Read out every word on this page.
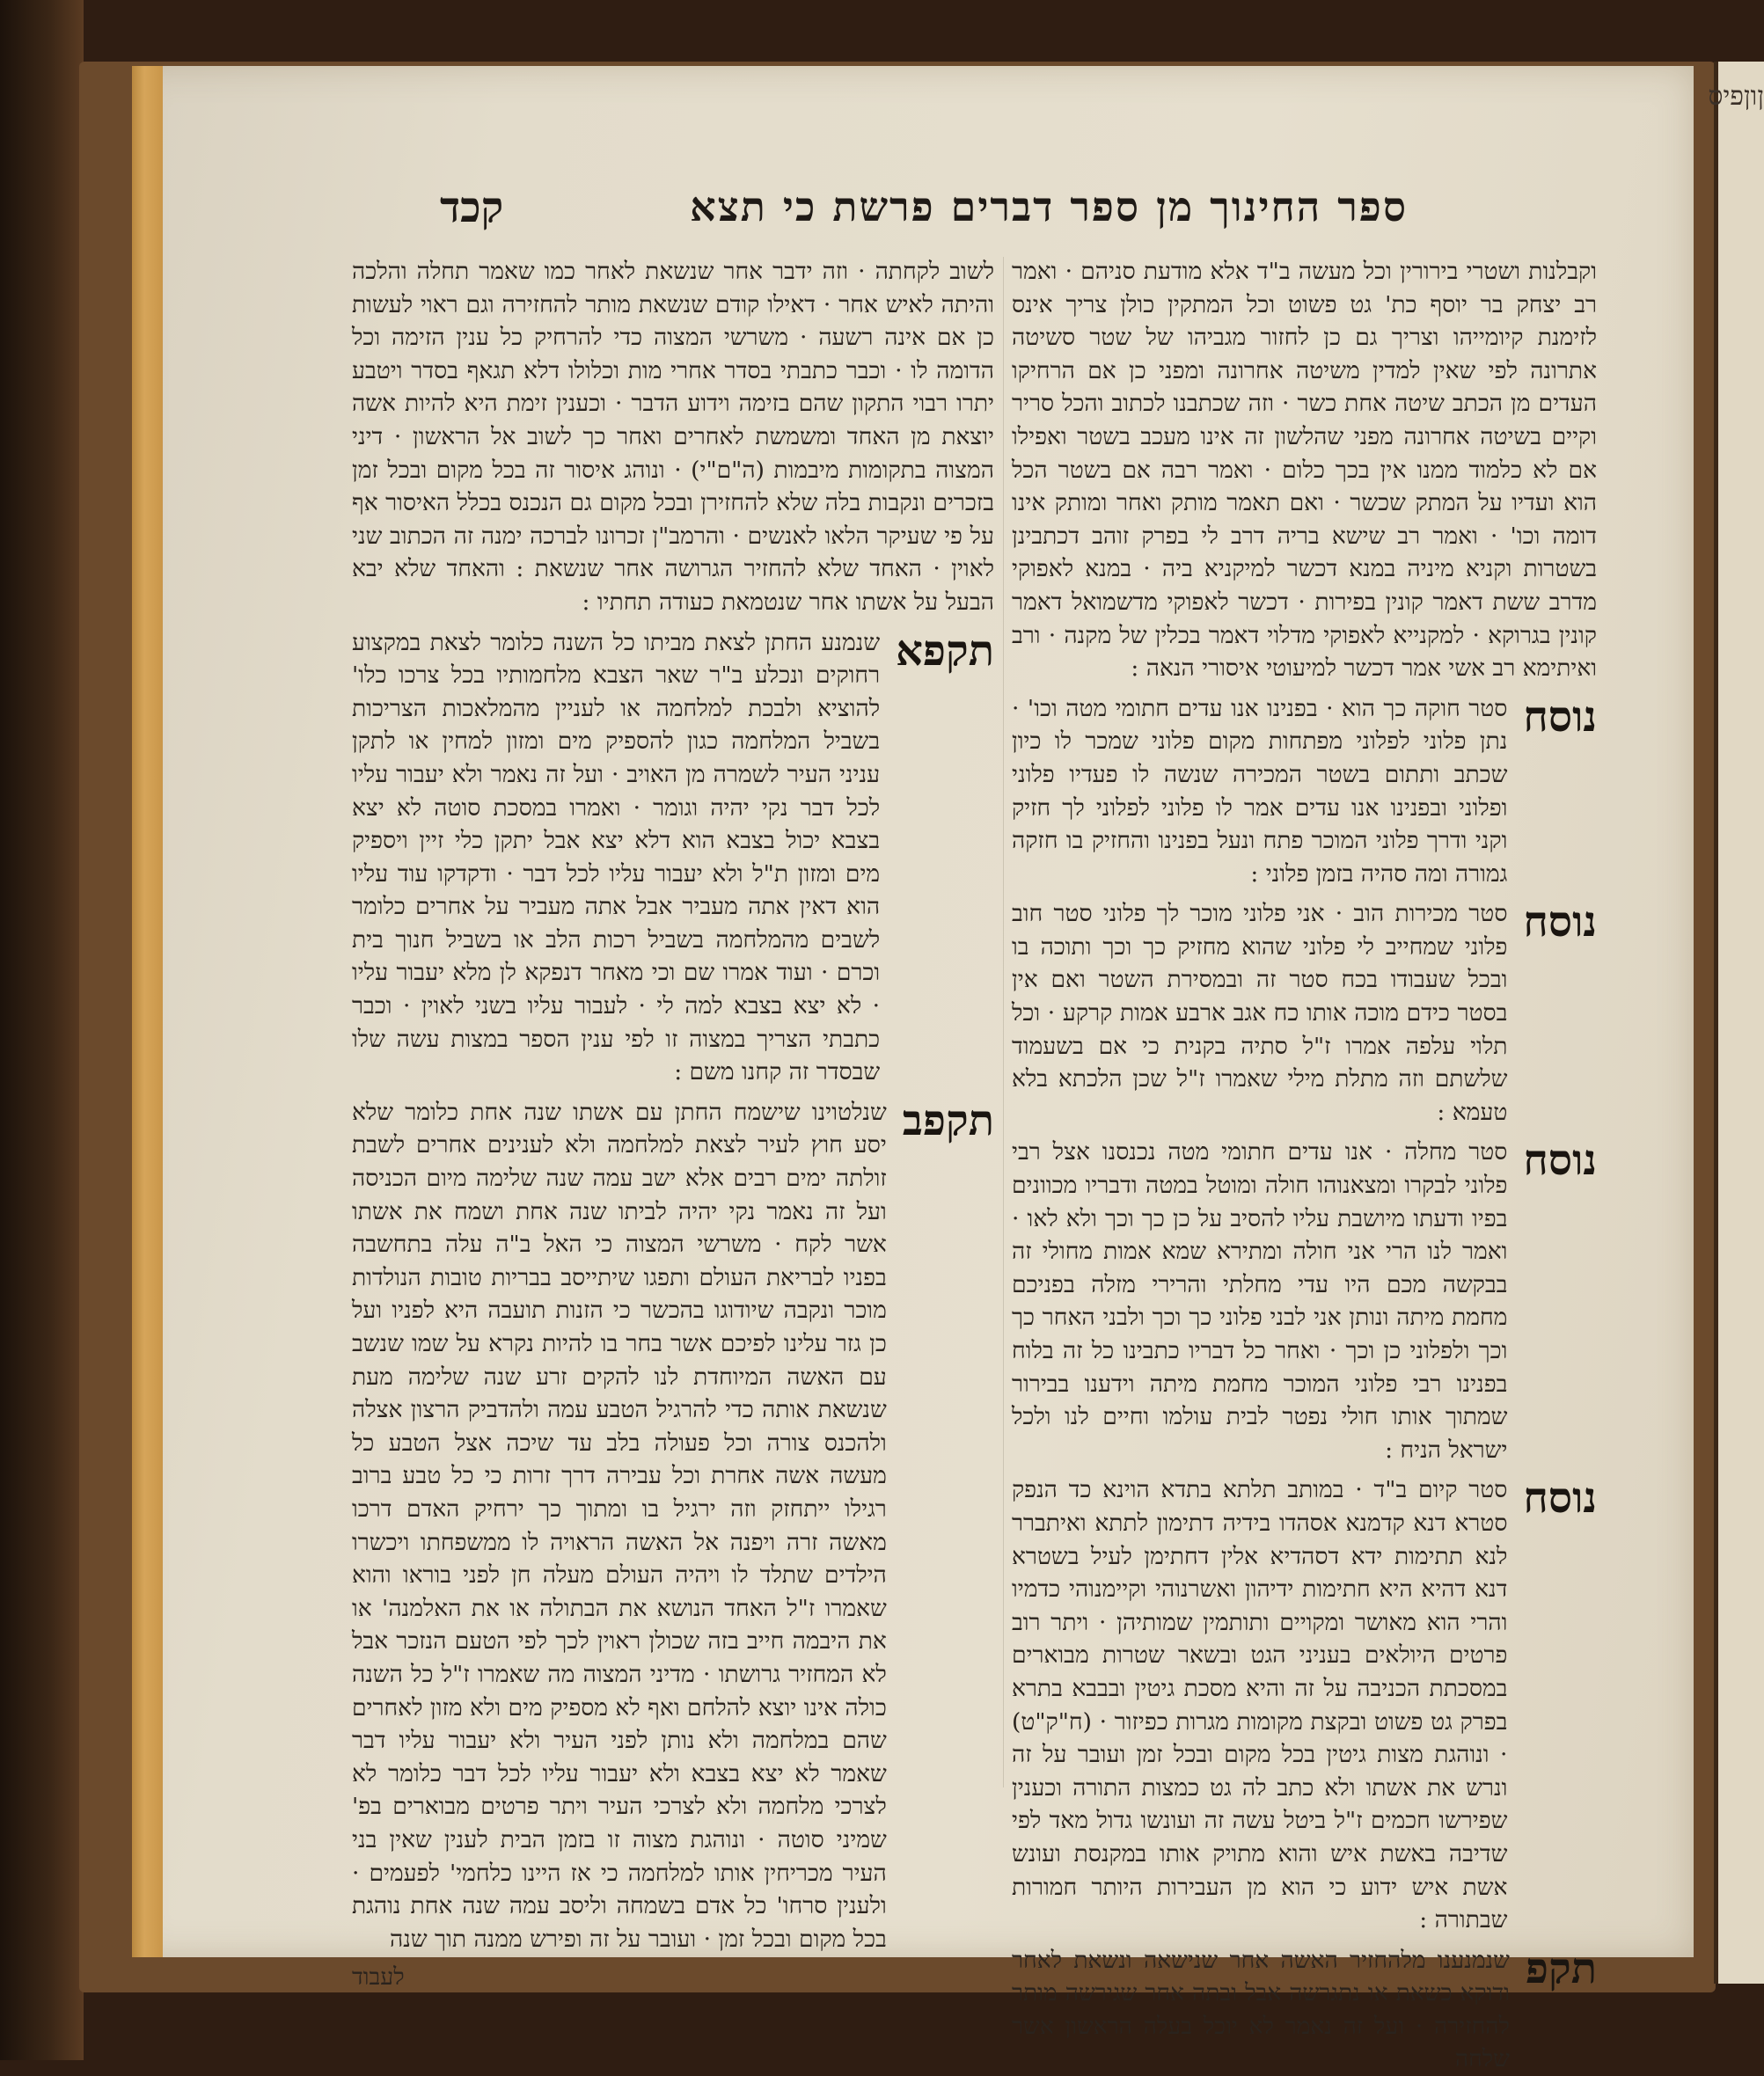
ןוןפיס
ספר החינוך מן ספר דברים פרשת כי תצא
קכד
וקבלנות ושטרי בירורין וכל מעשה ב"ד אלא מודעת סניהם · ואמר רב יצחק בר יוסף כת' גט פשוט וכל המתקין כולן צריך אינס לזימנת קיומייהו וצריך גם כן לחזור מגביהו של שטר סשיטה אתרונה לפי שאין למדין משיטה אחרונה ומפני כן אם הרחיקו העדים מן הכתב שיטה אחת כשר · וזה שכתבנו לכתוב והכל סריר וקיים בשיטה אחרונה מפני שהלשון זה אינו מעכב בשטר ואפילו אם לא כלמוד ממנו אין בכך כלום · ואמר רבה אם בשטר הכל הוא ועדיו על המתק שכשר · ואם תאמר מותק ואחר ומותק אינו דומה וכו' · ואמר רב שישא בריה דרב לי בפרק זוהב דכתבינן בשטרות וקניא מיניה במנא דכשר למיקניא ביה · במנא לאפוקי מדרב ששת דאמר קונין בפירות · דכשר לאפוקי מדשמואל דאמר קונין בגרוקא · למקנייא לאפוקי מדלוי דאמר בכלין של מקנה · ורב ואיתימא רב אשי אמר דכשר למיעוטי איסורי הנאה :
נוסח
סטר חוקה כך הוא · בפנינו אנו עדים חתומי מטה וכו' · נתן פלוני לפלוני מפתחות מקום פלוני שמכר לו כיון שכתב ותתום בשטר המכירה שנשה לו פעדיו פלוני ופלוני ובפנינו אנו עדים אמר לו פלוני לפלוני לך חזיק וקני ודרך פלוני המוכר פתח ונעל בפנינו והחזיק בו חזקה גמורה ומה סהיה בזמן פלוני :
נוסח
סטר מכירות הוב · אני פלוני מוכר לך פלוני סטר חוב פלוני שמחייב לי פלוני שהוא מחזיק כך וכך ותוכה בו ובכל שעבודו בכח סטר זה ובמסירת השטר ואם אין בסטר כידם מוכה אותו כח אגב ארבע אמות קרקע · וכל תלוי עלפה אמרו ז"ל סתיה בקנית כי אם בשעמוד שלשתם וזה מתלת מילי שאמרו ז"ל שכן הלכתא בלא טעמא :
נוסח
סטר מחלה · אנו עדים חתומי מטה נכנסנו אצל רבי פלוני לבקרו ומצאנוהו חולה ומוטל במטה ודבריו מכוונים בפיו ודעתו מיושבת עליו להסיב על כן כך וכך ולא לאו · ואמר לנו הרי אני חולה ומתירא שמא אמות מחולי זה בבקשה מכם היו עדי מחלתי והרירי מזלה בפניכם מחמת מיתה ונותן אני לבני פלוני כך וכך ולבני האחר כך וכך ולפלוני כן וכך · ואחר כל דבריו כתבינו כל זה בלוח בפנינו רבי פלוני המוכר מחמת מיתה וידענו בבירור שמתוך אותו חולי נפטר לבית עולמו וחיים לנו ולכל ישראל הניח :
נוסח
סטר קיום ב"ד · במותב תלתא בתדא הוינא כד הנפק סטרא דנא קדמנא אסהדו בידיה דתימון לתתא ואיתברר לנא תתימות ידא דסהדיא אלין דחתימן לעיל בשטרא דנא דהיא היא חתימות ידיהון ואשרנוהי וקיימנוהי כדמיו והרי הוא מאושר ומקויים ותותמין שמותיהן · ויתר רוב פרטים היולאים בעניני הגט ובשאר שטרות מבוארים במסכתת הכניבה על זה והיא מסכת גיטין ובבבא בתרא בפרק גט פשוט ובקצת מקומות מגרות כפיזור · (ח"ק"ט) · ונוהגת מצות גיטין בכל מקום ובכל זמן ועובר על זה ונרש את אשתו ולא כתב לה גט כמצות התורה וכענין שפירשו חכמים ז"ל ביטל עשה זה ועונשו גדול מאד לפי שדיבה באשת איש והוא מתויק אותו במקנסת ועונש אשת איש ידוע כי הוא מן העבירות היותר חמורות שבתורה :
תקפ
שנמנענו מלהחזיר האשה אחר שנישאה ונשאת לאחר ודוקא כשאת או נתגרשה אבל ובתה אחר שגירשה מותר להחזירה · ועל זה נאמר לא יוכל בעלה הראשון אשר שלחה
לשוב לקחתה · וזה ידבר אחר שנשאת לאחר כמו שאמר תחלה והלכה והיתה לאיש אחר · דאילו קודם שנשאת מותר להחזירה וגם ראוי לעשות כן אם אינה רשעה · משרשי המצוה כדי להרחיק כל ענין הזימה וכל הדומה לו · וכבר כתבתי בסדר אחרי מות וכלולו דלא תגאף בסדר ויטבע יתרו רבוי התקון שהם בזימה וידוע הדבר · וכענין זימת היא להיות אשה יוצאת מן האחד ומשמשת לאחרים ואחר כך לשוב אל הראשון · דיני המצוה בתקומות מיבמות (ה"ם"י) · ונוהג איסור זה בכל מקום ובכל זמן בזכרים ונקבות בלה שלא להחזירן ובכל מקום גם הנכנס בכלל האיסור אף על פי שעיקר הלאו לאנשים · והרמב"ן זכרונו לברכה ימנה זה הכתוב שני לאוין · האחד שלא להחזיר הגרושה אחר שנשאת : והאחד שלא יבא הבעל על אשתו אחר שנטמאת כעודה תחתיו :
תקפא
שנמנע החתן לצאת מביתו כל השנה כלומר לצאת במקצוע רחוקים ונכלע ב"ר שאר הצבא מלחמותיו בכל צרכו כלו' להוציא ולבכת למלחמה או לעניין מהמלאכות הצריכות בשביל המלחמה כגון להספיק מים ומזון למחין או לתקן עניני העיר לשמרה מן האויב · ועל זה נאמר ולא יעבור עליו לכל דבר נקי יהיה וגומר · ואמרו במסכת סוטה לא יצא בצבא יכול בצבא הוא דלא יצא אבל יתקן כלי זיין ויספיק מים ומזון ת"ל ולא יעבור עליו לכל דבר · ודקדקו עוד עליו הוא דאין אתה מעביר אבל אתה מעביר על אחרים כלומר לשבים מהמלחמה בשביל רכות הלב או בשביל חנוך בית וכרם · ועוד אמרו שם וכי מאחר דנפקא לן מלא יעבור עליו · לא יצא בצבא למה לי · לעבור עליו בשני לאוין · וכבר כתבתי הצריך במצוה זו לפי ענין הספר במצות עשה שלו שבסדר זה קחנו משם :
תקפב
שנלטוינו שישמח החתן עם אשתו שנה אחת כלומר שלא יסע חוץ לעיר לצאת למלחמה ולא לענינים אחרים לשבת זולתה ימים רבים אלא ישב עמה שנה שלימה מיום הכניסה ועל זה נאמר נקי יהיה לביתו שנה אחת ושמח את אשתו אשר לקח · משרשי המצוה כי האל ב"ה עלה בתחשבה בפניו לבריאת העולם ותפגו שיתייסב בבריות טובות הנולדות מוכר ונקבה שיודוגו בהכשר כי הזנות תועבה היא לפניו ועל כן גזר עלינו לפיכם אשר בחר בו להיות נקרא על שמו שנשב עם האשה המיוחדת לנו להקים זרע שנה שלימה מעת שנשאת אותה כדי להרגיל הטבע עמה ולהדביק הרצון אצלה ולהכנס צורה וכל פעולה בלב עד שיכה אצל הטבע כל מעשה אשה אחרת וכל עבירה דרך זרות כי כל טבע ברוב רגילו ייתחזק וזה ירגיל בו ומתוך כך ירחיק האדם דרכו מאשה זרה ויפנה אל האשה הראויה לו ממשפחתו ויכשרו הילדים שתלד לו ויהיה העולם מעלה חן לפני בוראו והוא שאמרו ז"ל האחד הנושא את הבתולה או את האלמנה' או את היבמה חייב בזה שכולן ראוין לכך לפי הטעם הנזכר אבל לא המחזיר גרושתו · מדיני המצוה מה שאמרו ז"ל כל השנה כולה אינו יוצא להלחם ואף לא מספיק מים ולא מזון לאחרים שהם במלחמה ולא נותן לפני העיר ולא יעבור עליו דבר שאמר לא יצא בצבא ולא יעבור עליו לכל דבר כלומר לא לצרכי מלחמה ולא לצרכי העיר ויתר פרטים מבוארים בפ' שמיני סוטה · ונוהגת מצוה זו בזמן הבית לענין שאין בני העיר מכריחין אותו למלחמה כי אז היינו כלחמי' לפעמים · ולענין סרחו' כל אדם בשמחה וליסב עמה שנה אחת נוהגת בכל מקום ובכל זמן · ועובר על זה ופירש ממנה תוך שנה
לעבוד
